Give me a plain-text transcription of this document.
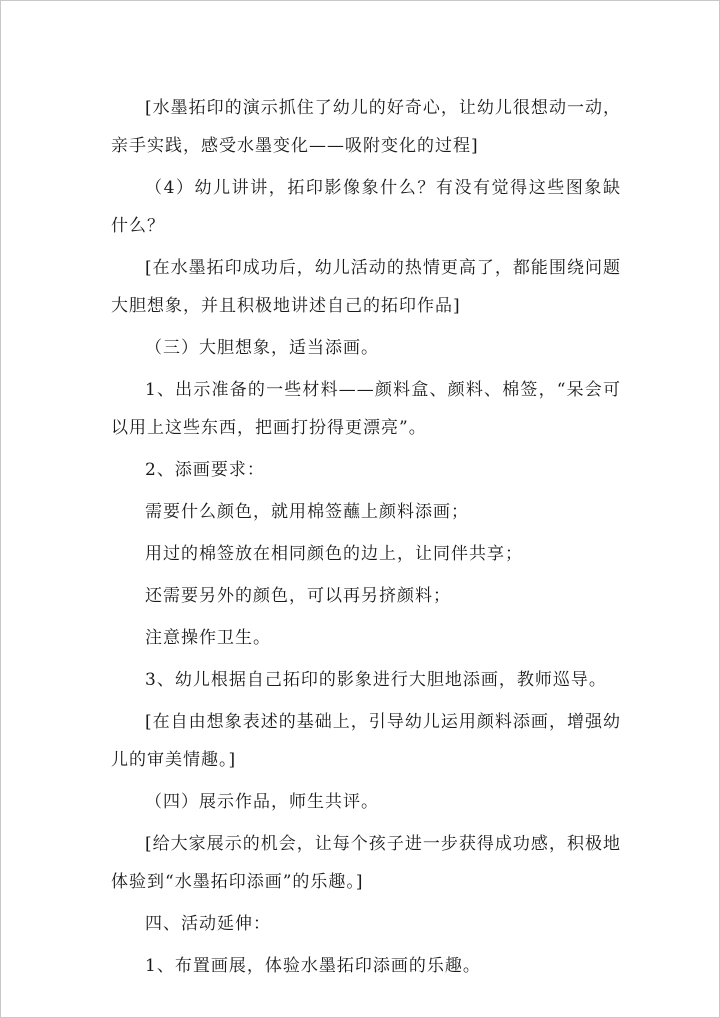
[水墨拓印的演示抓住了幼儿的好奇心，让幼儿很想动一动，亲手实践，感受水墨变化——吸附变化的过程]

（4）幼儿讲讲，拓印影像象什么？有没有觉得这些图象缺什么？

[在水墨拓印成功后，幼儿活动的热情更高了，都能围绕问题大胆想象，并且积极地讲述自己的拓印作品]

（三）大胆想象，适当添画。

1、出示准备的一些材料——颜料盒、颜料、棉签，“呆会可以用上这些东西，把画打扮得更漂亮”。

2、添画要求：

需要什么颜色，就用棉签蘸上颜料添画；

用过的棉签放在相同颜色的边上，让同伴共享；

还需要另外的颜色，可以再另挤颜料；

注意操作卫生。

3、幼儿根据自己拓印的影象进行大胆地添画，教师巡导。

[在自由想象表述的基础上，引导幼儿运用颜料添画，增强幼儿的审美情趣。]

（四）展示作品，师生共评。

[给大家展示的机会，让每个孩子进一步获得成功感，积极地体验到“水墨拓印添画”的乐趣。]

四、活动延伸：

1、布置画展，体验水墨拓印添画的乐趣。
